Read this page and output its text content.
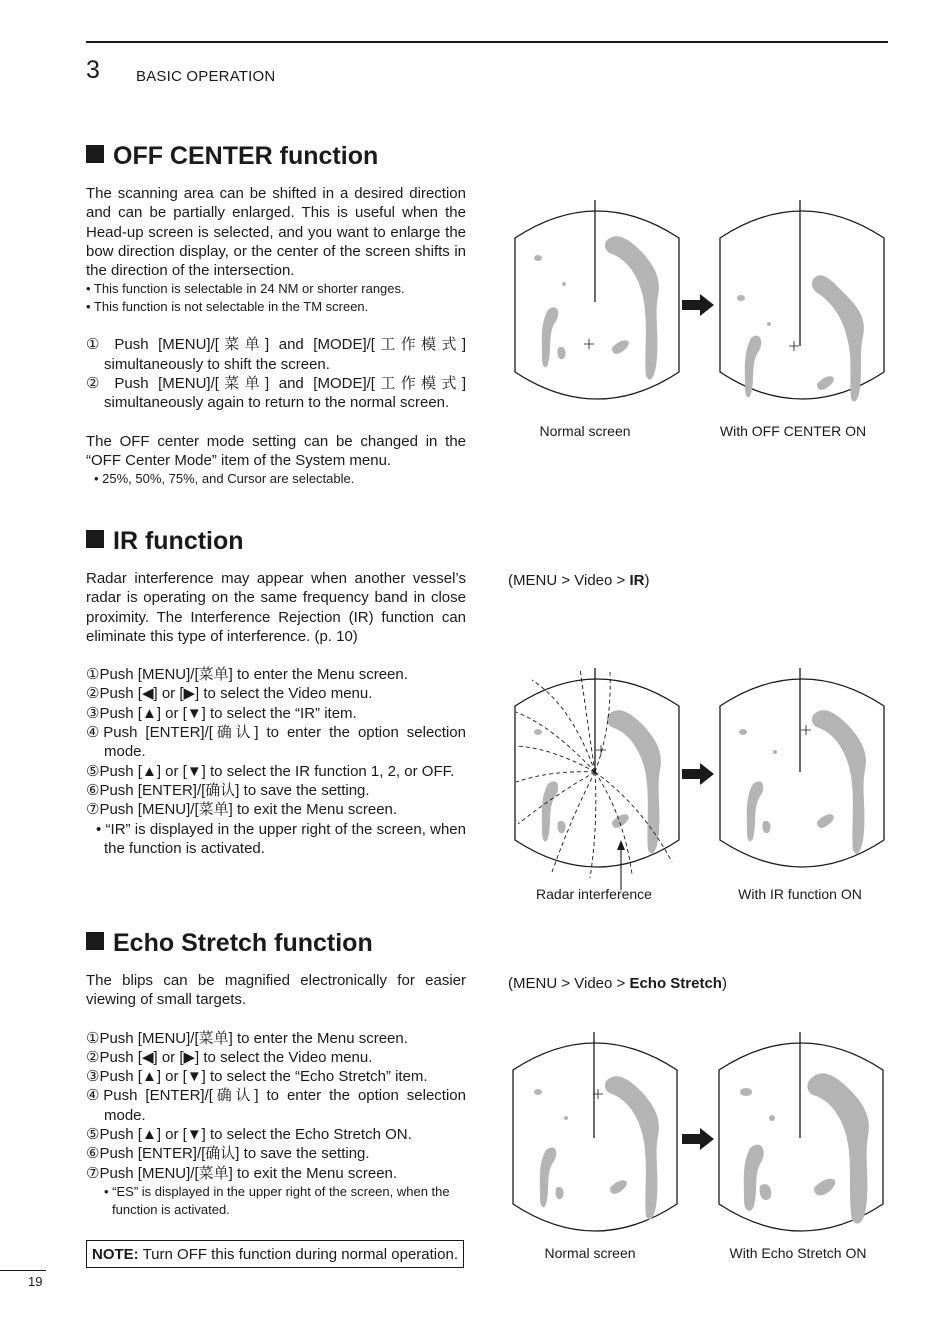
3 BASIC OPERATION
OFF CENTER function

The scanning area can be shifted in a desired direction and can be partially enlarged. This is useful when the Head-up screen is selected, and you want to enlarge the bow direction display, or the center of the screen shifts in the direction of the intersection.

• This function is selectable in 24 NM or shorter ranges.

• This function is not selectable in the TM screen.

① Push [MENU]/[菜单] and [MODE]/[工作模式] simultaneously to shift the screen.

② Push [MENU]/[菜单] and [MODE]/[工作模式] simultaneously again to return to the normal screen.

The OFF center mode setting can be changed in the “OFF Center Mode” item of the System menu.

• 25%, 50%, 75%, and Cursor are selectable.

Normal screen	With OFF CENTER ON
IR function

Radar interference may appear when another vessel’s radar is operating on the same frequency band in close proximity. The Interference Rejection (IR) function can eliminate this type of interference. (p. 10)

①Push [MENU]/[菜单] to enter the Menu screen.

②Push [◀] or [▶] to select the Video menu.

③Push [▲] or [▼] to select the “IR” item.

④Push [ENTER]/[确认] to enter the option selection mode.

⑤Push [▲] or [▼] to select the IR function 1, 2, or OFF.

⑥Push [ENTER]/[确认] to save the setting.

⑦Push [MENU]/[菜单] to exit the Menu screen.

• “IR” is displayed in the upper right of the screen, when the function is activated.

(MENU > Video > IR)
Radar interference	With IR function ON
Echo Stretch function

The blips can be magnified electronically for easier viewing of small targets.

①Push [MENU]/[菜单] to enter the Menu screen.

②Push [◀] or [▶] to select the Video menu.

③Push [▲] or [▼] to select the “Echo Stretch” item.

④Push [ENTER]/[确认] to enter the option selection mode.

⑤Push [▲] or [▼] to select the Echo Stretch ON.

⑥Push [ENTER]/[确认] to save the setting.

⑦Push [MENU]/[菜单] to exit the Menu screen.

• “ES” is displayed in the upper right of the screen, when the function is activated.

(MENU > Video > Echo Stretch)
Normal screen	With Echo Stretch ON
NOTE: Turn OFF this function during normal operation.
19
